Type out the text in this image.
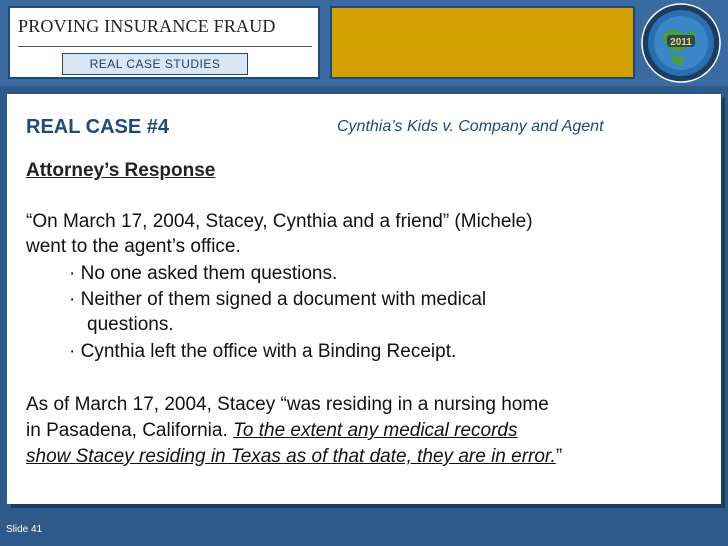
PROVING INSURANCE FRAUD
REAL CASE STUDIES
2011
REAL CASE #4	Cynthia’s Kids v. Company and Agent
Attorney’s Response
“On March 17, 2004, Stacey, Cynthia and a friend” (Michele)
went to the agent’s office.
· No one asked them questions.
· Neither of them signed a document with medical
questions.
· Cynthia left the office with a Binding Receipt.
As of March 17, 2004, Stacey “was residing in a nursing home
in Pasadena, California. To the extent any medical records
show Stacey residing in Texas as of that date, they are in error.”
Slide 41
